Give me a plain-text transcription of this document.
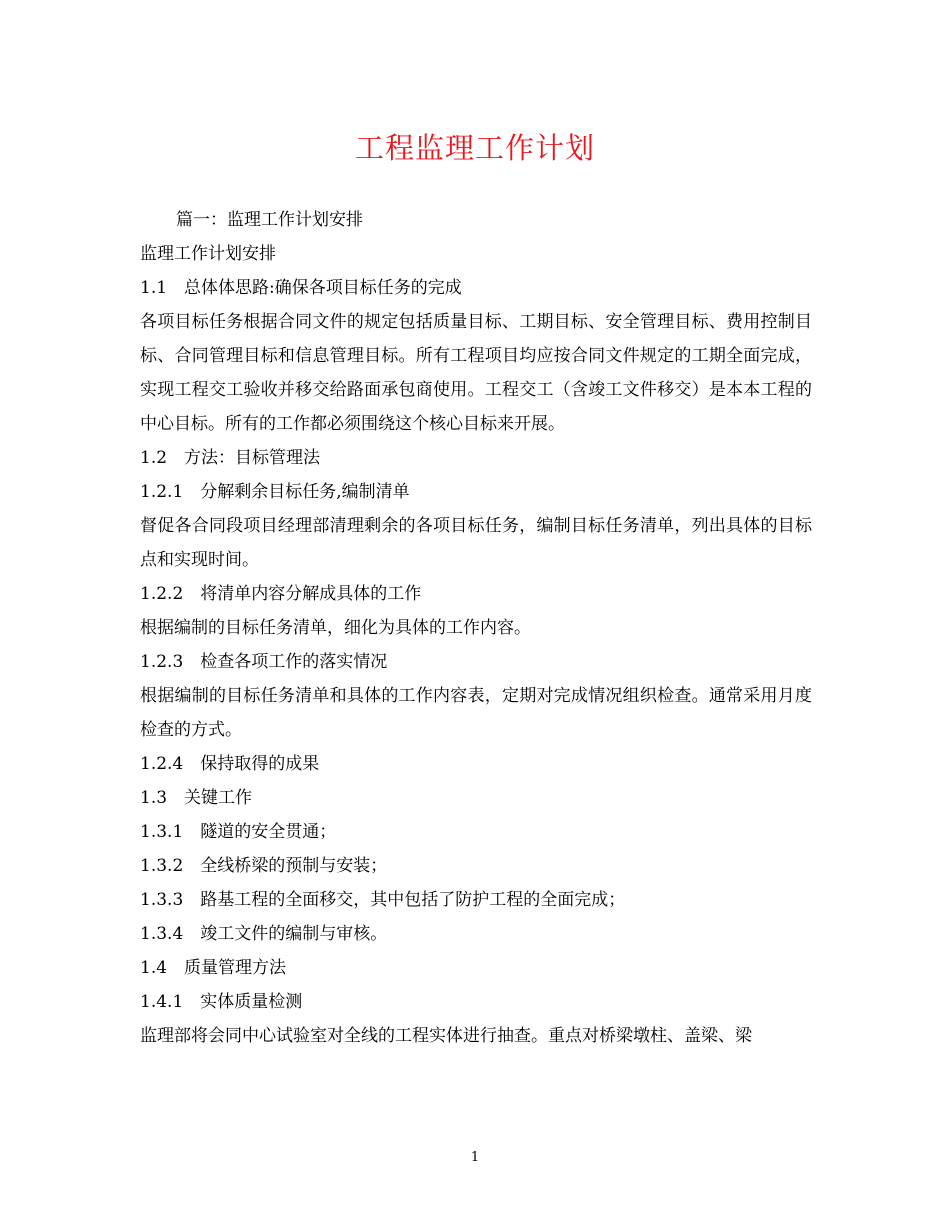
工程监理工作计划
篇一：监理工作计划安排
监理工作计划安排
1.1　总体体思路:确保各项目标任务的完成
各项目标任务根据合同文件的规定包括质量目标、工期目标、安全管理目标、费用控制目标、合同管理目标和信息管理目标。所有工程项目均应按合同文件规定的工期全面完成，实现工程交工验收并移交给路面承包商使用。工程交工（含竣工文件移交）是本本工程的中心目标。所有的工作都必须围绕这个核心目标来开展。
1.2　方法：目标管理法
1.2.1　分解剩余目标任务,编制清单
督促各合同段项目经理部清理剩余的各项目标任务，编制目标任务清单，列出具体的目标点和实现时间。
1.2.2　将清单内容分解成具体的工作
根据编制的目标任务清单，细化为具体的工作内容。
1.2.3　检查各项工作的落实情况
根据编制的目标任务清单和具体的工作内容表，定期对完成情况组织检查。通常采用月度检查的方式。
1.2.4　保持取得的成果
1.3　关键工作
1.3.1　隧道的安全贯通；
1.3.2　全线桥梁的预制与安装；
1.3.3　路基工程的全面移交，其中包括了防护工程的全面完成；
1.3.4　竣工文件的编制与审核。
1.4　质量管理方法
1.4.1　实体质量检测
监理部将会同中心试验室对全线的工程实体进行抽查。重点对桥梁墩柱、盖梁、梁
1
